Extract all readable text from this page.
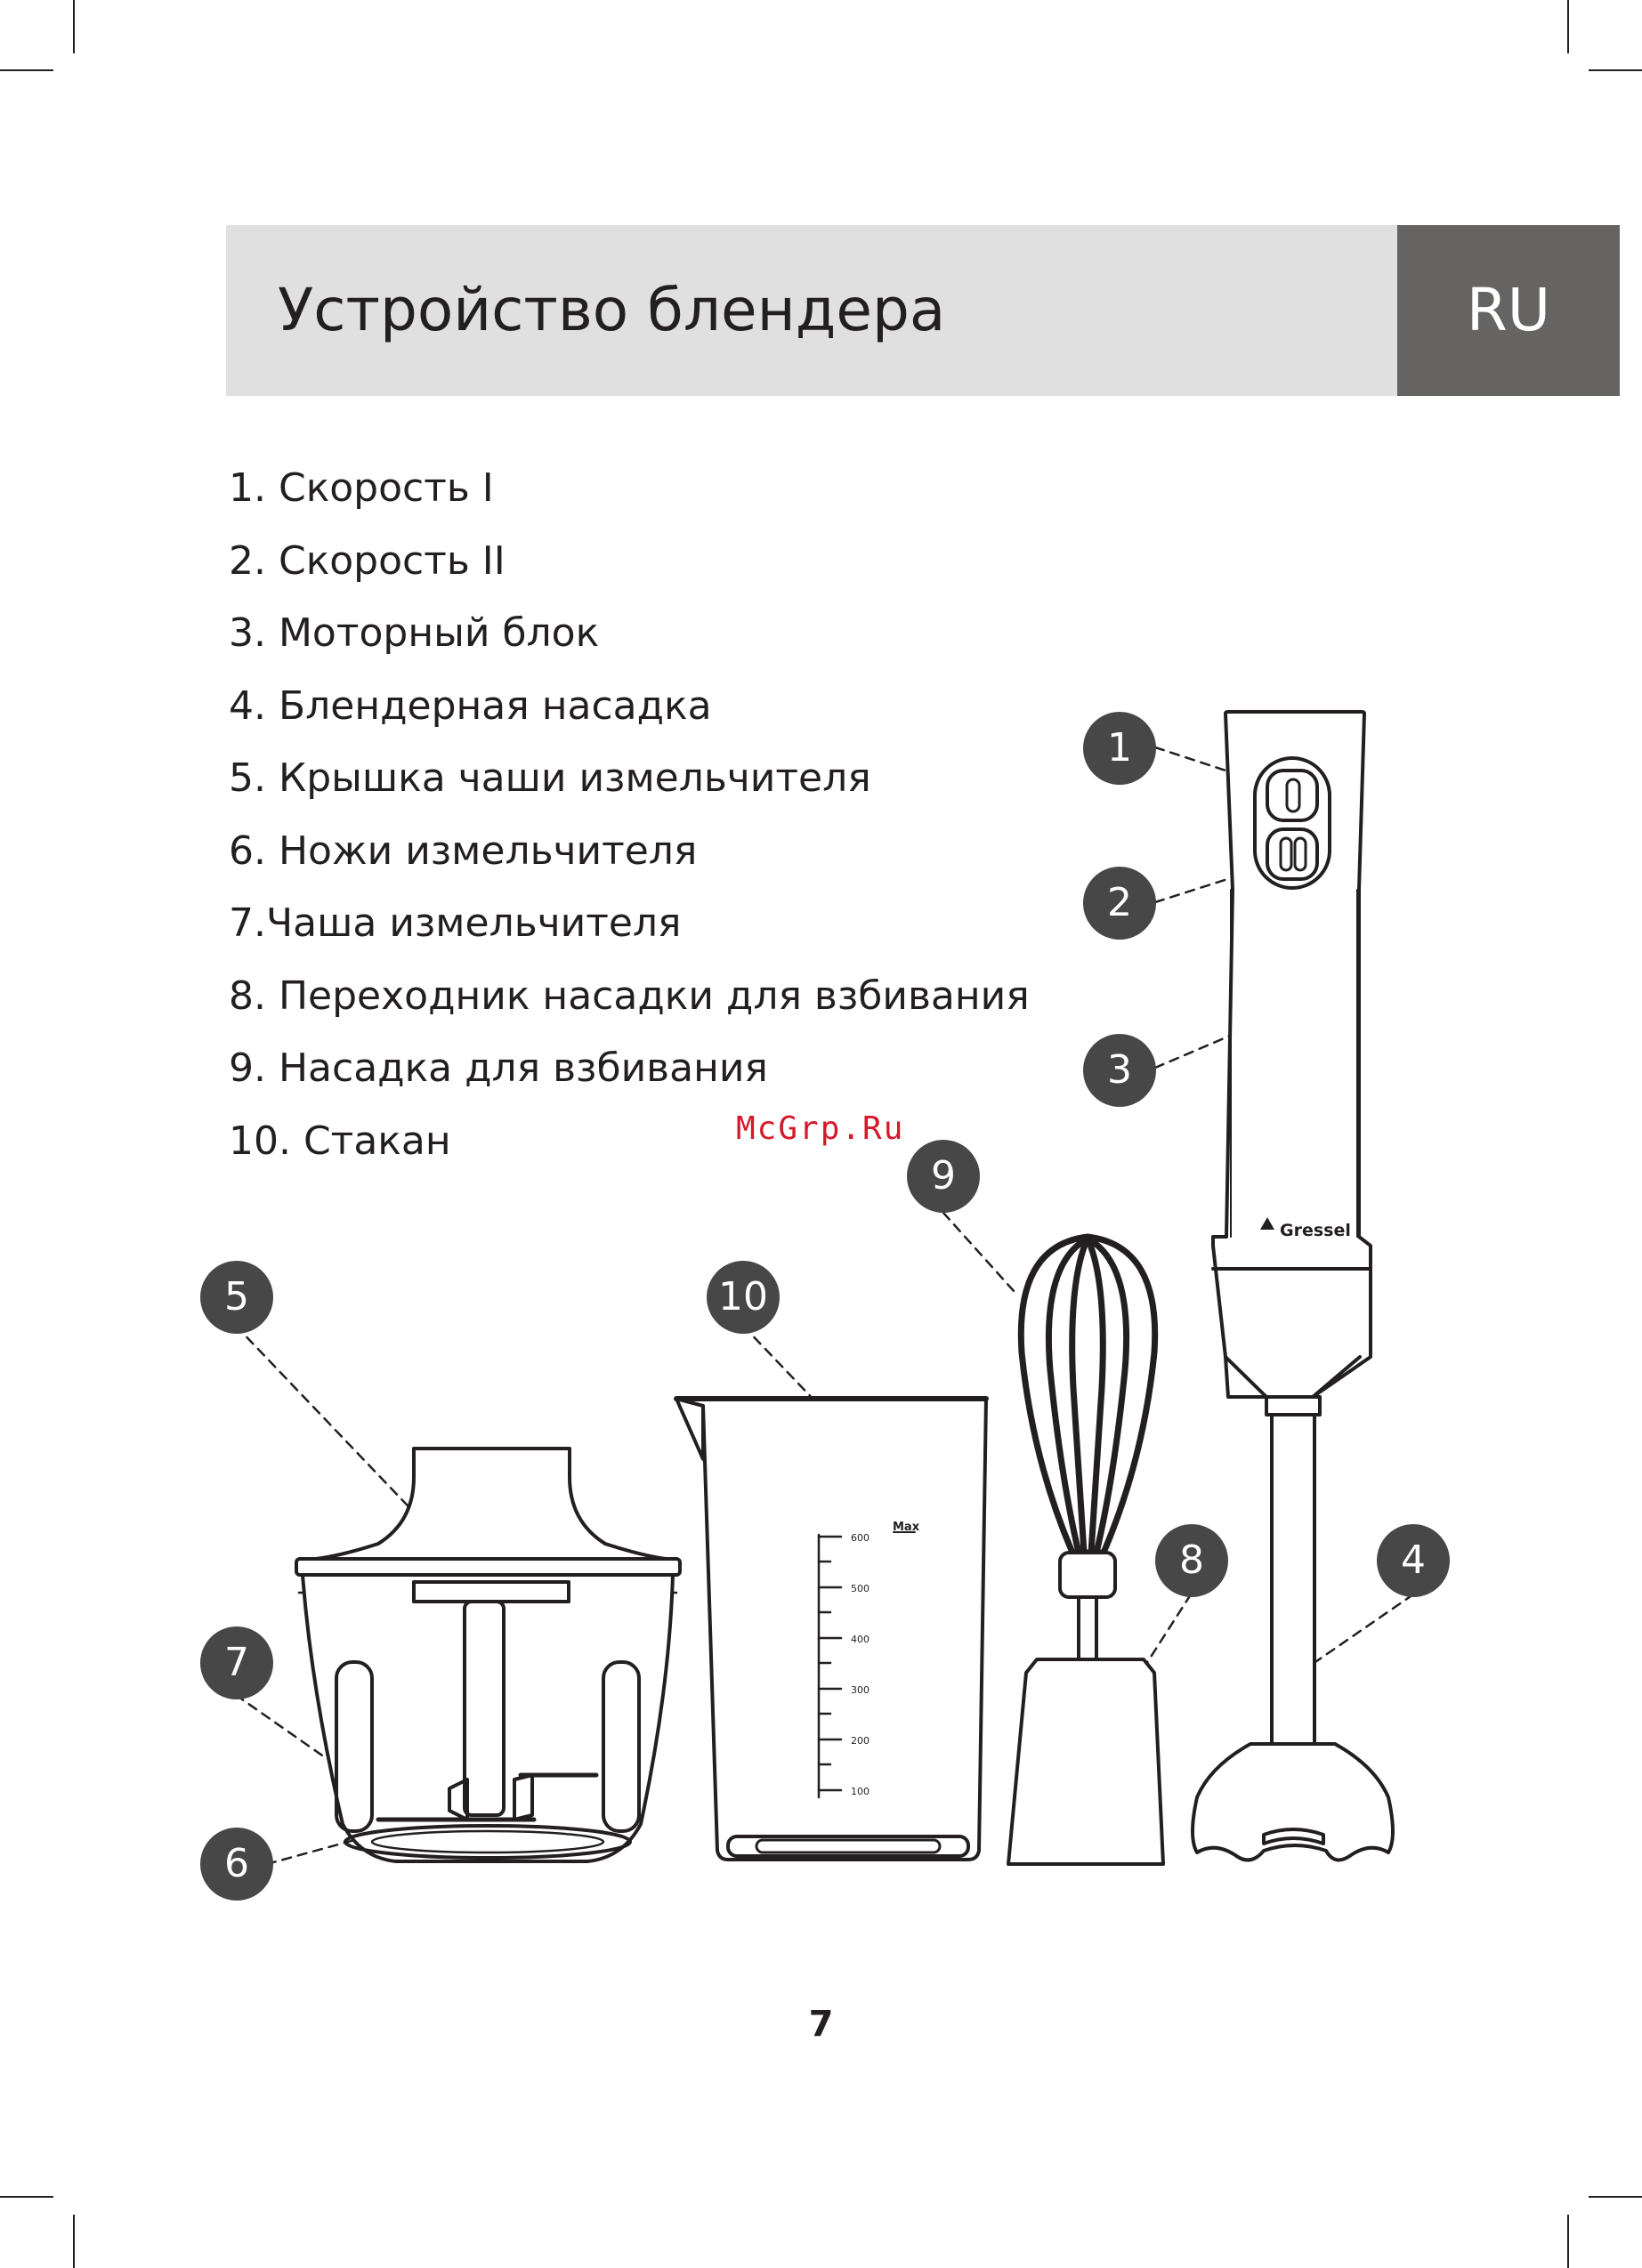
Устройство блендера	RU
1. Скорость I
2. Скорость II
3. Моторный блок
4. Блендерная насадка
5. Крышка чаши измельчителя
6. Ножи измельчителя
7.Чаша измельчителя
8. Переходник насадки для взбивания
9. Насадка для взбивания
10. Стакан	McGrp.Ru
Gressel
Max
600
500
400
300
200
100
1
2
3
4
5
6
7
8
9
10
7
